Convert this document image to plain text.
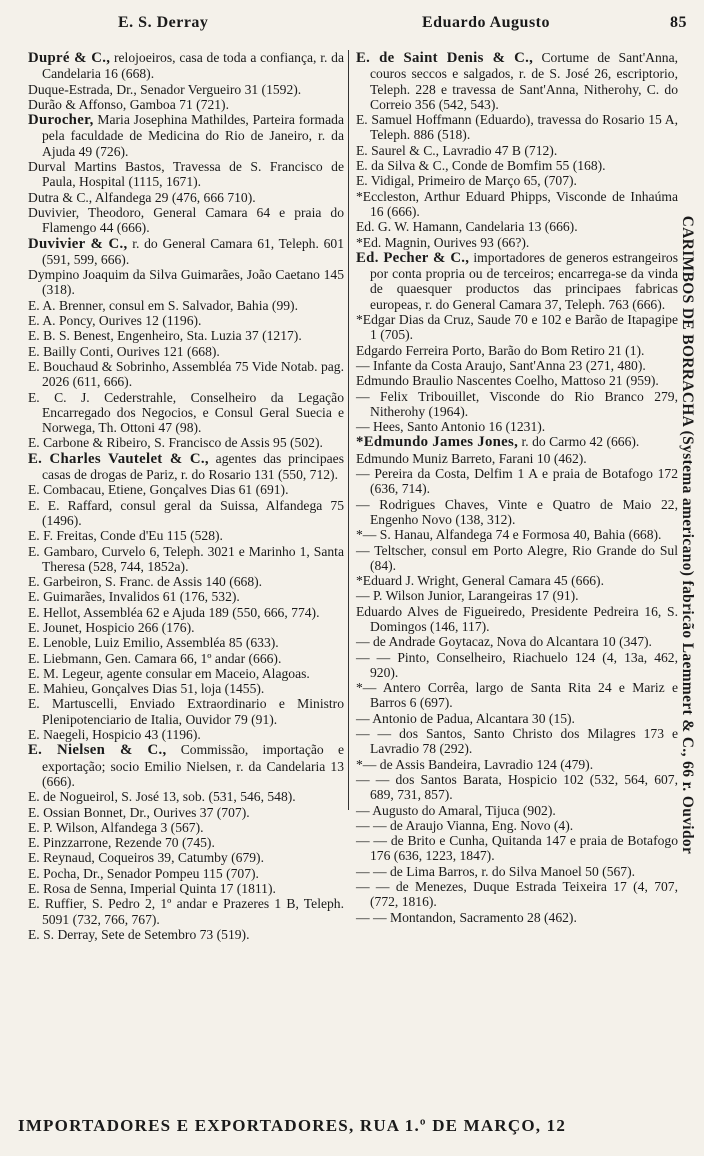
E. S. Derray	Eduardo Augusto	85

Dupré & C., relojoeiros, casa de toda a confiança, r. da Candelaria 16 (668).

Duque-Estrada, Dr., Senador Vergueiro 31 (1592).

Durão & Affonso, Gamboa 71 (721).

Durocher, Maria Josephina Mathildes, Parteira formada pela faculdade de Medicina do Rio de Janeiro, r. da Ajuda 49 (726).

Durval Martins Bastos, Travessa de S. Francisco de Paula, Hospital (1115, 1671).

Dutra & C., Alfandega 29 (476, 666 710).

Duvivier, Theodoro, General Camara 64 e praia do Flamengo 44 (666).

Duvivier & C., r. do General Camara 61, Teleph. 601 (591, 599, 666).

Dympino Joaquim da Silva Guimarães, João Caetano 145 (318).

E. A. Brenner, consul em S. Salvador, Bahia (99).

E. A. Poncy, Ourives 12 (1196).

E. B. S. Benest, Engenheiro, Sta. Luzia 37 (1217).

E. Bailly Conti, Ourives 121 (668).

E. Bouchaud & Sobrinho, Assembléa 75 Vide Notab. pag. 2026 (611, 666).

E. C. J. Cederstrahle, Conselheiro da Legação Encarregado dos Negocios, e Consul Geral Suecia e Norwega, Th. Ottoni 47 (98).

E. Carbone & Ribeiro, S. Francisco de Assis 95 (502).

E. Charles Vautelet & C., agentes das principaes casas de drogas de Pariz, r. do Rosario 131 (550, 712).

E. Combacau, Etiene, Gonçalves Dias 61 (691).

E. E. Raffard, consul geral da Suissa, Alfandega 75 (1496).

E. F. Freitas, Conde d'Eu 115 (528).

E. Gambaro, Curvelo 6, Teleph. 3021 e Marinho 1, Santa Theresa (528, 744, 1852a).

E. Garbeiron, S. Franc. de Assis 140 (668).

E. Guimarães, Invalidos 61 (176, 532).

E. Hellot, Assembléa 62 e Ajuda 189 (550, 666, 774).

E. Jounet, Hospicio 266 (176).

E. Lenoble, Luiz Emilio, Assembléa 85 (633).

E. Liebmann, Gen. Camara 66, 1º andar (666).

E. M. Legeur, agente consular em Maceio, Alagoas.

E. Mahieu, Gonçalves Dias 51, loja (1455).

E. Martuscelli, Enviado Extraordinario e Ministro Plenipotenciario de Italia, Ouvidor 79 (91).

E. Naegeli, Hospicio 43 (1196).

E. Nielsen & C., Commissão, importação e exportação; socio Emilio Nielsen, r. da Candelaria 13 (666).

E. de Nogueirol, S. José 13, sob. (531, 546, 548).

E. Ossian Bonnet, Dr., Ourives 37 (707).

E. P. Wilson, Alfandega 3 (567).

E. Pinzzarrone, Rezende 70 (745).

E. Reynaud, Coqueiros 39, Catumby (679).

E. Pocha, Dr., Senador Pompeu 115 (707).

E. Rosa de Senna, Imperial Quinta 17 (1811).

E. Ruffier, S. Pedro 2, 1º andar e Prazeres 1 B, Teleph. 5091 (732, 766, 767).

E. S. Derray, Sete de Setembro 73 (519).

E. de Saint Denis & C., Cortume de Sant'Anna, couros seccos e salgados, r. de S. José 26, escriptorio, Teleph. 228 e travessa de Sant'Anna, Nitherohy, C. do Correio 356 (542, 543).

E. Samuel Hoffmann (Eduardo), travessa do Rosario 15 A, Teleph. 886 (518).

E. Saurel & C., Lavradio 47 B (712).

E. da Silva & C., Conde de Bomfim 55 (168).

E. Vidigal, Primeiro de Março 65, (707).

*Eccleston, Arthur Eduard Phipps, Visconde de Inhaúma 16 (666).

Ed. G. W. Hamann, Candelaria 13 (666).

*Ed. Magnin, Ourives 93 (66?).

Ed. Pecher & C., importadores de generos estrangeiros por conta propria ou de terceiros; encarrega-se da vinda de quaesquer productos das principaes fabricas europeas, r. do General Camara 37, Teleph. 763 (666).

*Edgar Dias da Cruz, Saude 70 e 102 e Barão de Itapagipe 1 (705).

Edgardo Ferreira Porto, Barão do Bom Retiro 21 (1).

— Infante da Costa Araujo, Sant'Anna 23 (271, 480).

Edmundo Braulio Nascentes Coelho, Mattoso 21 (959).

— Felix Tribouillet, Visconde do Rio Branco 279, Nitherohy (1964).

— Hees, Santo Antonio 16 (1231).

*Edmundo James Jones, r. do Carmo 42 (666).

Edmundo Muniz Barreto, Farani 10 (462).

— Pereira da Costa, Delfim 1 A e praia de Botafogo 172 (636, 714).

— Rodrigues Chaves, Vinte e Quatro de Maio 22, Engenho Novo (138, 312).

*— S. Hanau, Alfandega 74 e Formosa 40, Bahia (668).

— Teltscher, consul em Porto Alegre, Rio Grande do Sul (84).

*Eduard J. Wright, General Camara 45 (666).

— P. Wilson Junior, Larangeiras 17 (91).

Eduardo Alves de Figueiredo, Presidente Pedreira 16, S. Domingos (146, 117).

— de Andrade Goytacaz, Nova do Alcantara 10 (347).

— — Pinto, Conselheiro, Riachuelo 124 (4, 13a, 462, 920).

*— Antero Corrêa, largo de Santa Rita 24 e Mariz e Barros 6 (697).

— Antonio de Padua, Alcantara 30 (15).

— — dos Santos, Santo Christo dos Milagres 173 e Lavradio 78 (292).

*— de Assis Bandeira, Lavradio 124 (479).

— — dos Santos Barata, Hospicio 102 (532, 564, 607, 689, 731, 857).

— Augusto do Amaral, Tijuca (902).

— — de Araujo Vianna, Eng. Novo (4).

— — de Brito e Cunha, Quitanda 147 e praia de Botafogo 176 (636, 1223, 1847).

— — de Lima Barros, r. do Silva Manoel 50 (567).

— — de Menezes, Duque Estrada Teixeira 17 (4, 707, (772, 1816).

— — Montandon, Sacramento 28 (462).

CARIMBOS DE BORRACHA (Systema americano) fabricão Laemmert & C., 66 r. Ouvidor
IMPORTADORES E EXPORTADORES, RUA 1.º DE MARÇO, 12
